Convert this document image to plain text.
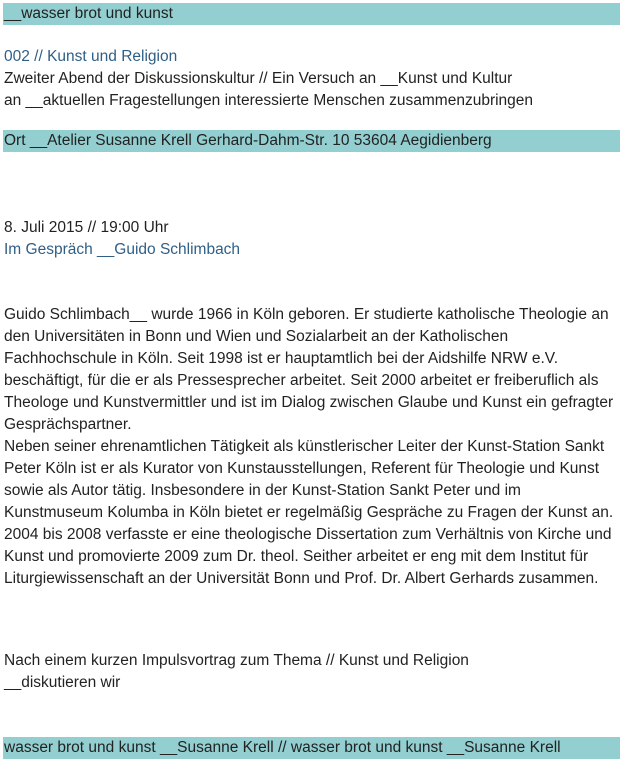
__wasser brot und kunst
002 // Kunst und Religion
Zweiter Abend der Diskussionskultur // Ein Versuch an __Kunst und Kultur
an __aktuellen Fragestellungen interessierte Menschen zusammenzubringen
Ort __Atelier Susanne Krell Gerhard-Dahm-Str. 10 53604 Aegidienberg
8. Juli 2015 // 19:00 Uhr
Im Gespräch __Guido Schlimbach

Guido Schlimbach__ wurde 1966 in Köln geboren. Er studierte katholische Theologie an den Universitäten in Bonn und Wien und Sozialarbeit an der Katholischen Fachhochschule in Köln. Seit 1998 ist er hauptamtlich bei der Aidshilfe NRW e.V. beschäftigt, für die er als Pressesprecher arbeitet. Seit 2000 arbeitet er freiberuflich als Theologe und Kunstvermittler und ist im Dialog zwischen Glaube und Kunst ein gefragter Gesprächspartner.

Neben seiner ehrenamtlichen Tätigkeit als künstlerischer Leiter der Kunst-Station Sankt Peter Köln ist er als Kurator von Kunstausstellungen, Referent für Theologie und Kunst sowie als Autor tätig. Insbesondere in der Kunst-Station Sankt Peter und im Kunstmuseum Kolumba in Köln bietet er regelmäßig Gespräche zu Fragen der Kunst an. 2004 bis 2008 verfasste er eine theologische Dissertation zum Verhältnis von Kirche und Kunst und promovierte 2009 zum Dr. theol. Seither arbeitet er eng mit dem Institut für Liturgiewissenschaft an der Universität Bonn und Prof. Dr. Albert Gerhards zusammen.

Nach einem kurzen Impulsvortrag zum Thema // Kunst und Religion
__diskutieren wir
wasser brot und kunst __Susanne Krell // wasser brot und kunst __Susanne Krell
